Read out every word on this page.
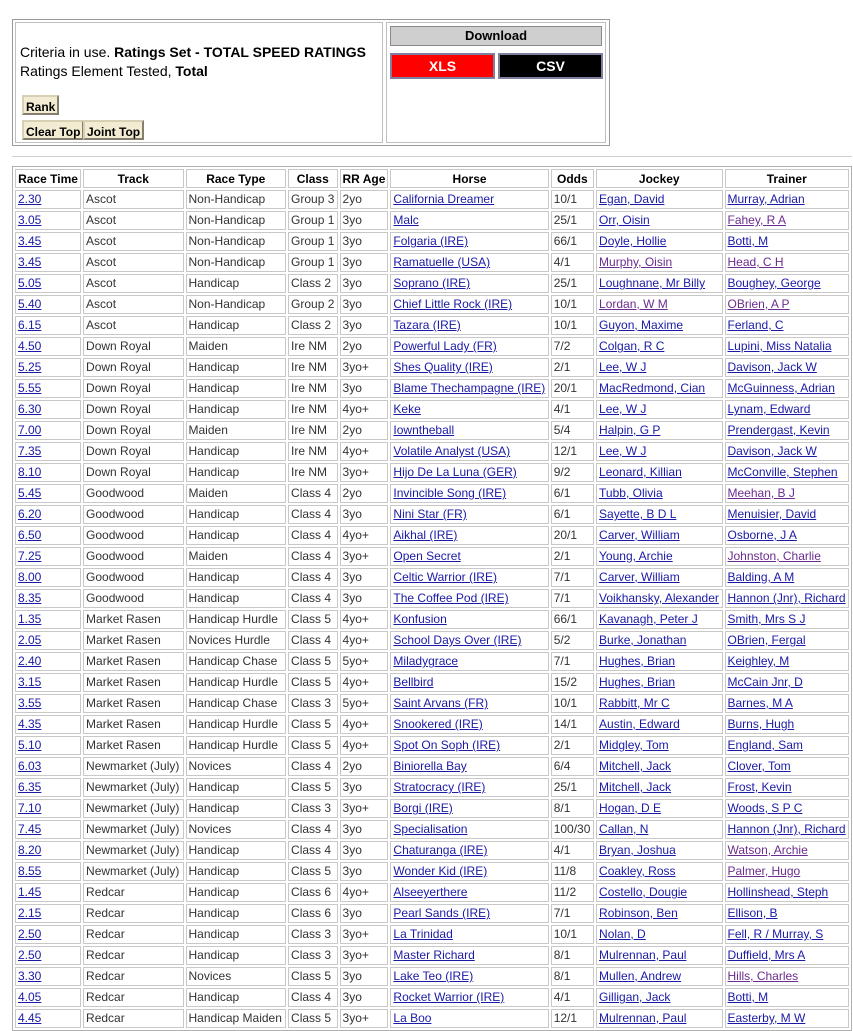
Criteria in use. Ratings Set - TOTAL SPEED RATINGS
Ratings Element Tested, Total
Rank
Clear Top Joint Top
Download
XLS	CSV
Race Time	Track	Race Type	Class	RR Age	Horse	Odds	Jockey	Trainer
2.30	Ascot	Non-Handicap	Group 3	2yo	California Dreamer	10/1	Egan, David	Murray, Adrian
3.05	Ascot	Non-Handicap	Group 1	3yo	Malc	25/1	Orr, Oisin	Fahey, R A
3.45	Ascot	Non-Handicap	Group 1	3yo	Folgaria (IRE)	66/1	Doyle, Hollie	Botti, M
3.45	Ascot	Non-Handicap	Group 1	3yo	Ramatuelle (USA)	4/1	Murphy, Oisin	Head, C H
5.05	Ascot	Handicap	Class 2	3yo	Soprano (IRE)	25/1	Loughnane, Mr Billy	Boughey, George
5.40	Ascot	Non-Handicap	Group 2	3yo	Chief Little Rock (IRE)	10/1	Lordan, W M	OBrien, A P
6.15	Ascot	Handicap	Class 2	3yo	Tazara (IRE)	10/1	Guyon, Maxime	Ferland, C
4.50	Down Royal	Maiden	Ire NM	2yo	Powerful Lady (FR)	7/2	Colgan, R C	Lupini, Miss Natalia
5.25	Down Royal	Handicap	Ire NM	3yo+	Shes Quality (IRE)	2/1	Lee, W J	Davison, Jack W
5.55	Down Royal	Handicap	Ire NM	3yo	Blame Thechampagne (IRE)	20/1	MacRedmond, Cian	McGuinness, Adrian
6.30	Down Royal	Handicap	Ire NM	4yo+	Keke	4/1	Lee, W J	Lynam, Edward
7.00	Down Royal	Maiden	Ire NM	2yo	Iowntheball	5/4	Halpin, G P	Prendergast, Kevin
7.35	Down Royal	Handicap	Ire NM	4yo+	Volatile Analyst (USA)	12/1	Lee, W J	Davison, Jack W
8.10	Down Royal	Handicap	Ire NM	3yo+	Hijo De La Luna (GER)	9/2	Leonard, Killian	McConville, Stephen
5.45	Goodwood	Maiden	Class 4	2yo	Invincible Song (IRE)	6/1	Tubb, Olivia	Meehan, B J
6.20	Goodwood	Handicap	Class 4	3yo	Nini Star (FR)	6/1	Sayette, B D L	Menuisier, David
6.50	Goodwood	Handicap	Class 4	4yo+	Aikhal (IRE)	20/1	Carver, William	Osborne, J A
7.25	Goodwood	Maiden	Class 4	3yo+	Open Secret	2/1	Young, Archie	Johnston, Charlie
8.00	Goodwood	Handicap	Class 4	3yo	Celtic Warrior (IRE)	7/1	Carver, William	Balding, A M
8.35	Goodwood	Handicap	Class 4	3yo	The Coffee Pod (IRE)	7/1	Voikhansky, Alexander	Hannon (Jnr), Richard
1.35	Market Rasen	Handicap Hurdle	Class 5	4yo+	Konfusion	66/1	Kavanagh, Peter J	Smith, Mrs S J
2.05	Market Rasen	Novices Hurdle	Class 4	4yo+	School Days Over (IRE)	5/2	Burke, Jonathan	OBrien, Fergal
2.40	Market Rasen	Handicap Chase	Class 5	5yo+	Miladygrace	7/1	Hughes, Brian	Keighley, M
3.15	Market Rasen	Handicap Hurdle	Class 5	4yo+	Bellbird	15/2	Hughes, Brian	McCain Jnr, D
3.55	Market Rasen	Handicap Chase	Class 3	5yo+	Saint Arvans (FR)	10/1	Rabbitt, Mr C	Barnes, M A
4.35	Market Rasen	Handicap Hurdle	Class 5	4yo+	Snookered (IRE)	14/1	Austin, Edward	Burns, Hugh
5.10	Market Rasen	Handicap Hurdle	Class 5	4yo+	Spot On Soph (IRE)	2/1	Midgley, Tom	England, Sam
6.03	Newmarket (July)	Novices	Class 4	2yo	Biniorella Bay	6/4	Mitchell, Jack	Clover, Tom
6.35	Newmarket (July)	Handicap	Class 5	3yo	Stratocracy (IRE)	25/1	Mitchell, Jack	Frost, Kevin
7.10	Newmarket (July)	Handicap	Class 3	3yo+	Borgi (IRE)	8/1	Hogan, D E	Woods, S P C
7.45	Newmarket (July)	Novices	Class 4	3yo	Specialisation	100/30	Callan, N	Hannon (Jnr), Richard
8.20	Newmarket (July)	Handicap	Class 4	3yo	Chaturanga (IRE)	4/1	Bryan, Joshua	Watson, Archie
8.55	Newmarket (July)	Handicap	Class 5	3yo	Wonder Kid (IRE)	11/8	Coakley, Ross	Palmer, Hugo
1.45	Redcar	Handicap	Class 6	4yo+	Alseeyerthere	11/2	Costello, Dougie	Hollinshead, Steph
2.15	Redcar	Handicap	Class 6	3yo	Pearl Sands (IRE)	7/1	Robinson, Ben	Ellison, B
2.50	Redcar	Handicap	Class 3	3yo+	La Trinidad	10/1	Nolan, D	Fell, R / Murray, S
2.50	Redcar	Handicap	Class 3	3yo+	Master Richard	8/1	Mulrennan, Paul	Duffield, Mrs A
3.30	Redcar	Novices	Class 5	3yo	Lake Teo (IRE)	8/1	Mullen, Andrew	Hills, Charles
4.05	Redcar	Handicap	Class 4	3yo	Rocket Warrior (IRE)	4/1	Gilligan, Jack	Botti, M
4.45	Redcar	Handicap Maiden	Class 5	3yo+	La Boo	12/1	Mulrennan, Paul	Easterby, M W
